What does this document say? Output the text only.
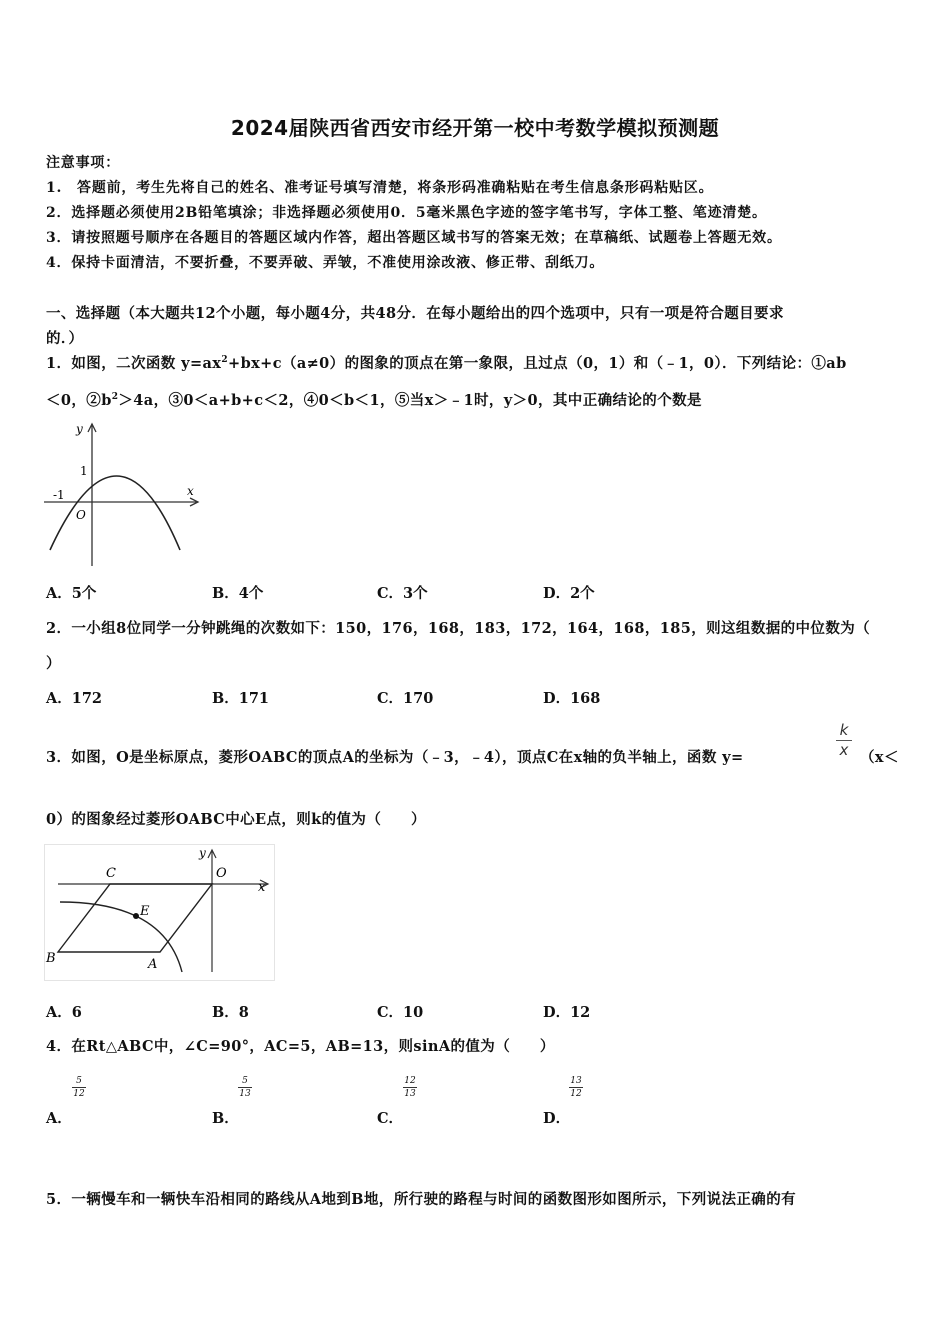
2024届陕西省西安市经开第一校中考数学模拟预测题
注意事项：
1.　答题前，考生先将自己的姓名、准考证号填写清楚，将条形码准确粘贴在考生信息条形码粘贴区。
2．选择题必须使用2B铅笔填涂；非选择题必须使用0．5毫米黑色字迹的签字笔书写，字体工整、笔迹清楚。
3．请按照题号顺序在各题目的答题区域内作答，超出答题区域书写的答案无效；在草稿纸、试题卷上答题无效。
4．保持卡面清洁，不要折叠，不要弄破、弄皱，不准使用涂改液、修正带、刮纸刀。
一、选择题（本大题共12个小题，每小题4分，共48分．在每小题给出的四个选项中，只有一项是符合题目要求
的．）
1．如图，二次函数 $y=ax^2+bx+c(a\ne 0)$的图象的顶点在第一象限，且过点（0，1）和（﹣1，0）．下列结论：①ab
＜0，$②b^2>4a$，③0＜a+b+c＜2，④0＜b＜1，⑤当x＞﹣1时，y＞0，其中正确结论的个数是
y
x
1
-1
O
A．5个	B．4个	C．3个	D．2个
2．一小组8位同学一分钟跳绳的次数如下：150，176，168，183，172，164，168，185，则这组数据的中位数为（
）
A．172	B．171	C．170	D．168
3．如图，O是坐标原点，菱形OABC的顶点A的坐标为（﹣3，﹣4），顶点C在x轴的负半轴上，函数 y=
k
x （x＜
0）的图象经过菱形OABC中心E点，则k的值为（　　）
C	O
y
x
E
B	A
A．6	B．8	C．10	D．12
4．在Rt△ABC中，∠C=90°，AC=5，AB=13，则sinA的值为（　　）
5
12
A．
5
13
B．
12
13
C．
13
12
D．
5．一辆慢车和一辆快车沿相同的路线从A地到B地，所行驶的路程与时间的函数图形如图所示，下列说法正确的有
